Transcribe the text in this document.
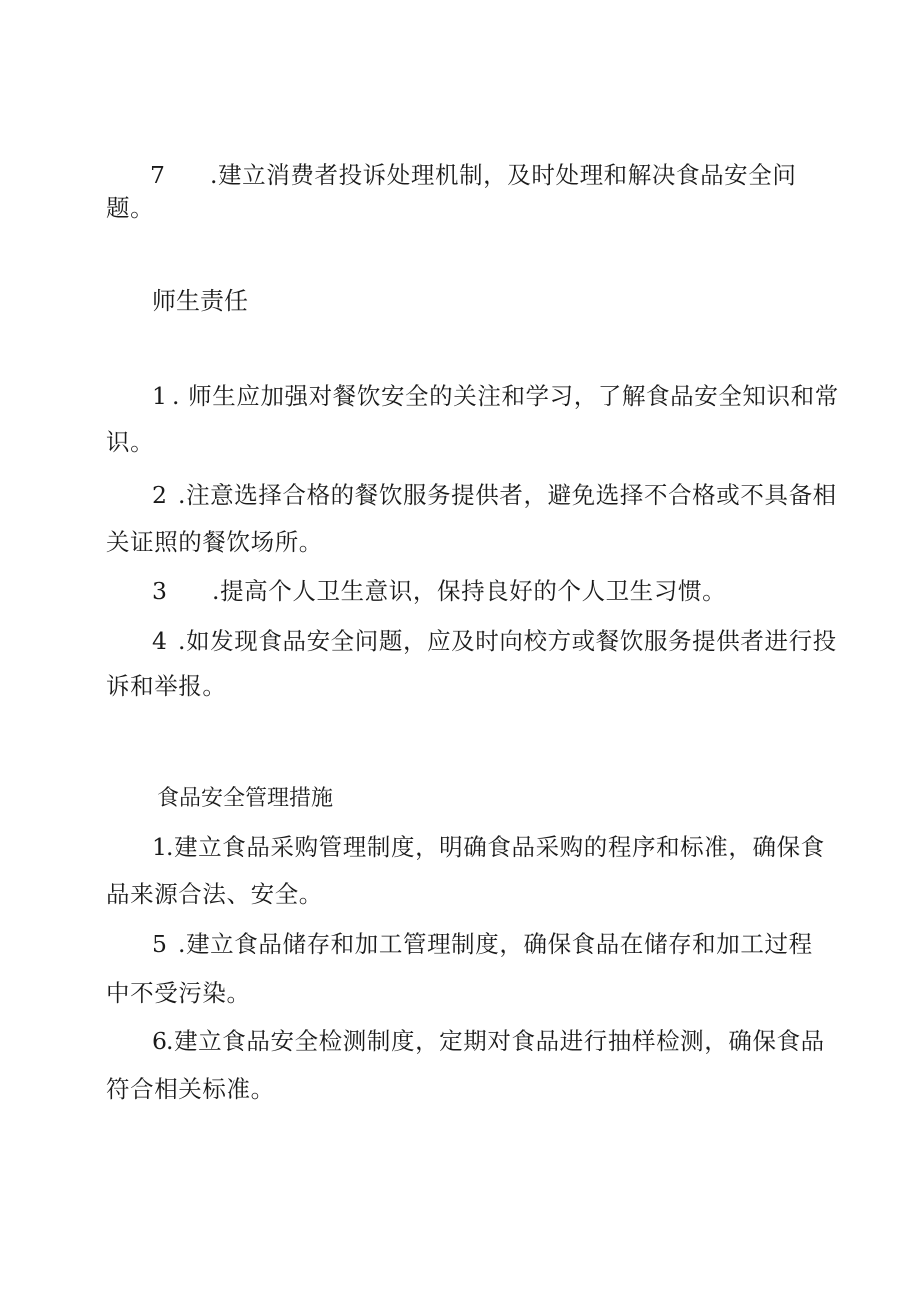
7 .建立消费者投诉处理机制，及时处理和解决食品安全问

题。

师生责任

1 . 师生应加强对餐饮安全的关注和学习，了解食品安全知识和常

识。

2 .注意选择合格的餐饮服务提供者，避免选择不合格或不具备相

关证照的餐饮场所。

3 .提高个人卫生意识，保持良好的个人卫生习惯。

4 .如发现食品安全问题，应及时向校方或餐饮服务提供者进行投

诉和举报。

食品安全管理措施

1.建立食品采购管理制度，明确食品采购的程序和标准，确保食

品来源合法、安全。

5 .建立食品储存和加工管理制度，确保食品在储存和加工过程

中不受污染。

6.建立食品安全检测制度，定期对食品进行抽样检测，确保食品

符合相关标准。
